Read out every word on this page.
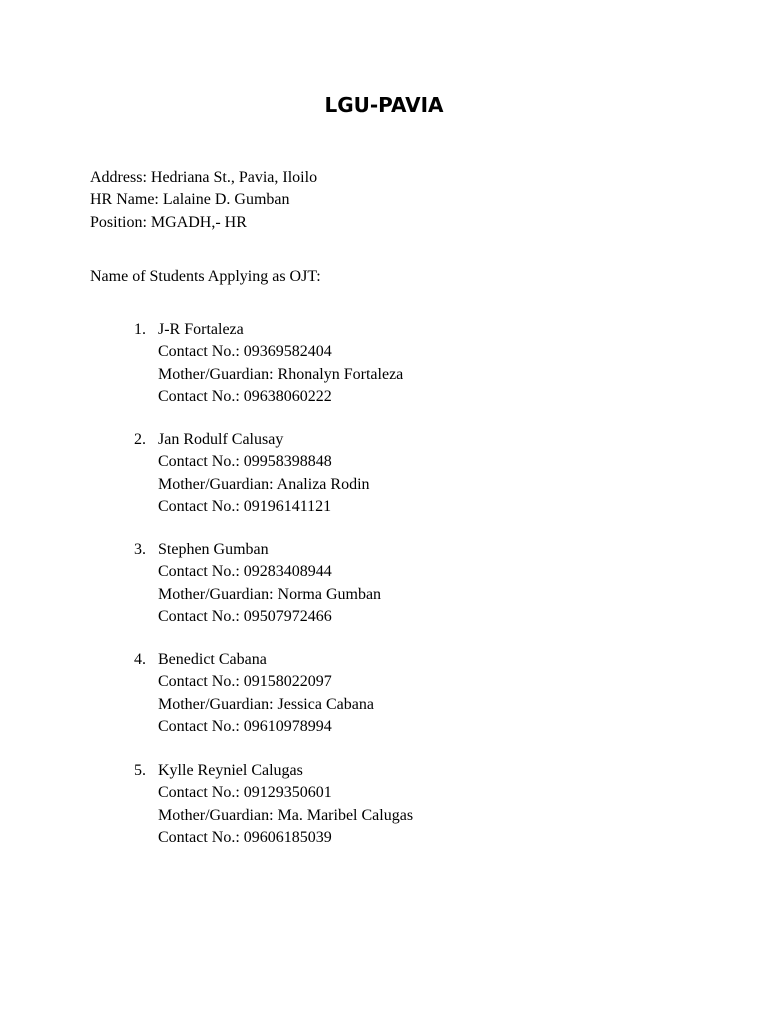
LGU-PAVIA
Address: Hedriana St., Pavia, Iloilo
HR Name: Lalaine D. Gumban
Position: MGADH,- HR
Name of Students Applying as OJT:
1. J-R Fortaleza
Contact No.: 09369582404
Mother/Guardian: Rhonalyn Fortaleza
Contact No.: 09638060222
2. Jan Rodulf Calusay
Contact No.: 09958398848
Mother/Guardian: Analiza Rodin
Contact No.: 09196141121
3. Stephen Gumban
Contact No.: 09283408944
Mother/Guardian: Norma Gumban
Contact No.: 09507972466
4. Benedict Cabana
Contact No.: 09158022097
Mother/Guardian: Jessica Cabana
Contact No.: 09610978994
5. Kylle Reyniel Calugas
Contact No.: 09129350601
Mother/Guardian: Ma. Maribel Calugas
Contact No.: 09606185039
